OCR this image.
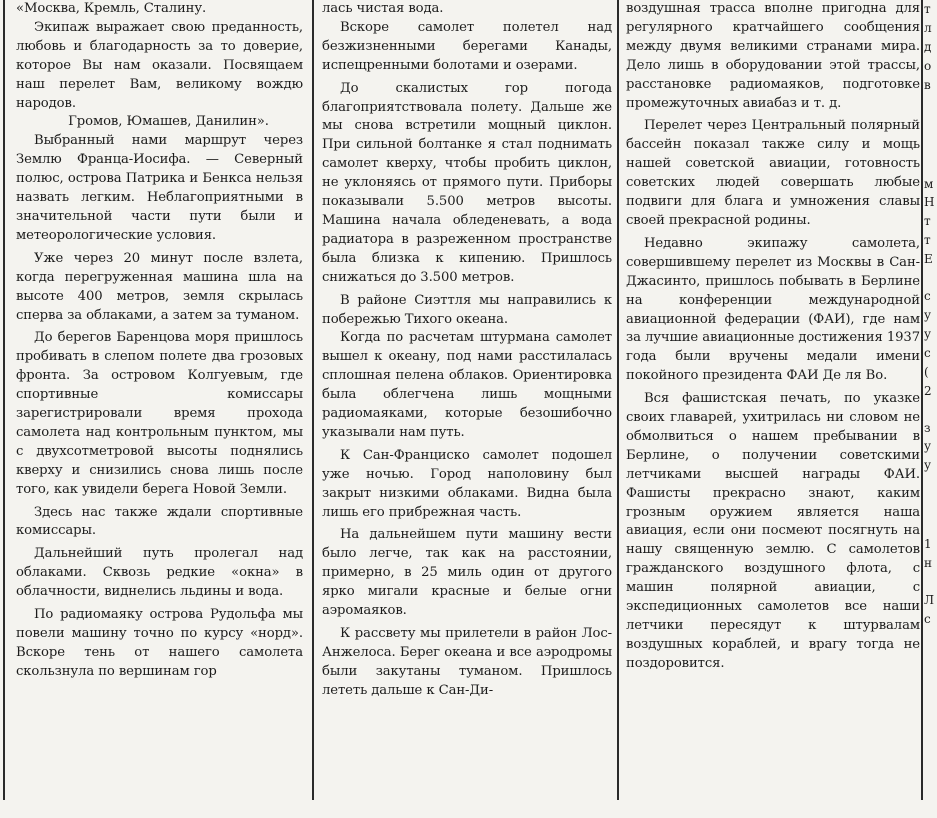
«Москва, Кремль, Сталину.

Экипаж выражает свою преданность, любовь и благодарность за то доверие, которое Вы нам оказали. Посвящаем наш перелет Вам, великому вождю народов.

Громов, Юмашев, Данилин».

Выбранный нами маршрут через Землю Франца-Иосифа. — Северный полюс, острова Патрика и Бенкса нельзя назвать легким. Неблагоприятными в значительной части пути были и метеорологические условия.

Уже через 20 минут после взлета, когда перегруженная машина шла на высоте 400 метров, земля скрылась сперва за облаками, а затем за туманом.

До берегов Баренцова моря пришлось пробивать в слепом полете два грозовых фронта. За островом Колгуевым, где спортивные комиссары зарегистрировали время прохода самолета над контрольным пунктом, мы с двухсотметровой высоты поднялись кверху и снизились снова лишь после того, как увидели берега Новой Земли.

Здесь нас также ждали спортивные комиссары.

Дальнейший путь пролегал над облаками. Сквозь редкие «окна» в облачности, виднелись льдины и вода.

По радиомаяку острова Рудольфа мы повели машину точно по курсу «норд». Вскоре тень от нашего самолета скользнула по вершинам гор

лась чистая вода.

Вскоре самолет полетел над безжизненными берегами Канады, испещренными болотами и озерами.

До скалистых гор погода благоприятствовала полету. Дальше же мы снова встретили мощный циклон. При сильной болтанке я стал поднимать самолет кверху, чтобы пробить циклон, не уклоняясь от прямого пути. Приборы показывали 5.500 метров высоты. Машина начала обледеневать, а вода радиатора в разреженном пространстве была близка к кипению. Пришлось снижаться до 3.500 метров.

В районе Сиэттля мы направились к побережью Тихого океана.

Когда по расчетам штурмана самолет вышел к океану, под нами расстилалась сплошная пелена облаков. Ориентировка была облегчена лишь мощными радиомаяками, которые безошибочно указывали нам путь.

К Сан-Франциско самолет подошел уже ночью. Город наполовину был закрыт низкими облаками. Видна была лишь его прибрежная часть.

На дальнейшем пути машину вести было легче, так как на расстоянии, примерно, в 25 миль один от другого ярко мигали красные и белые огни аэромаяков.

К рассвету мы прилетели в район Лос-Анжелоса. Берег океана и все аэродромы были закутаны туманом. Пришлось лететь дальше к Сан-Ди-

воздушная трасса вполне пригодна для регулярного кратчайшего сообщения между двумя великими странами мира. Дело лишь в оборудовании этой трассы, расстановке радиомаяков, подготовке промежуточных авиабаз и т. д.

Перелет через Центральный полярный бассейн показал также силу и мощь нашей советской авиации, готовность советских людей совершать любые подвиги для блага и умножения славы своей прекрасной родины.

Недавно экипажу самолета, совершившему перелет из Москвы в Сан-Джасинто, пришлось побывать в Берлине на конференции международной авиационной федерации (ФАИ), где нам за лучшие авиационные достижения 1937 года были вручены медали имени покойного президента ФАИ Де ля Во.

Вся фашистская печать, по указке своих главарей, ухитрилась ни словом не обмолвиться о нашем пребывании в Берлине, о получении советскими летчиками высшей награды ФАИ. Фашисты прекрасно знают, каким грозным оружием является наша авиация, если они посмеют посягнуть на нашу священную землю. С самолетов гражданского воздушного флота, с машин полярной авиации, с экспедиционных самолетов все наши летчики пересядут к штурвалам воздушных кораблей, и врагу тогда не поздоровится.

т
л
д
о
в
м
Н
т
т
Е
с
у
у
с
(
2
з
у
у
1
н
Л
с
